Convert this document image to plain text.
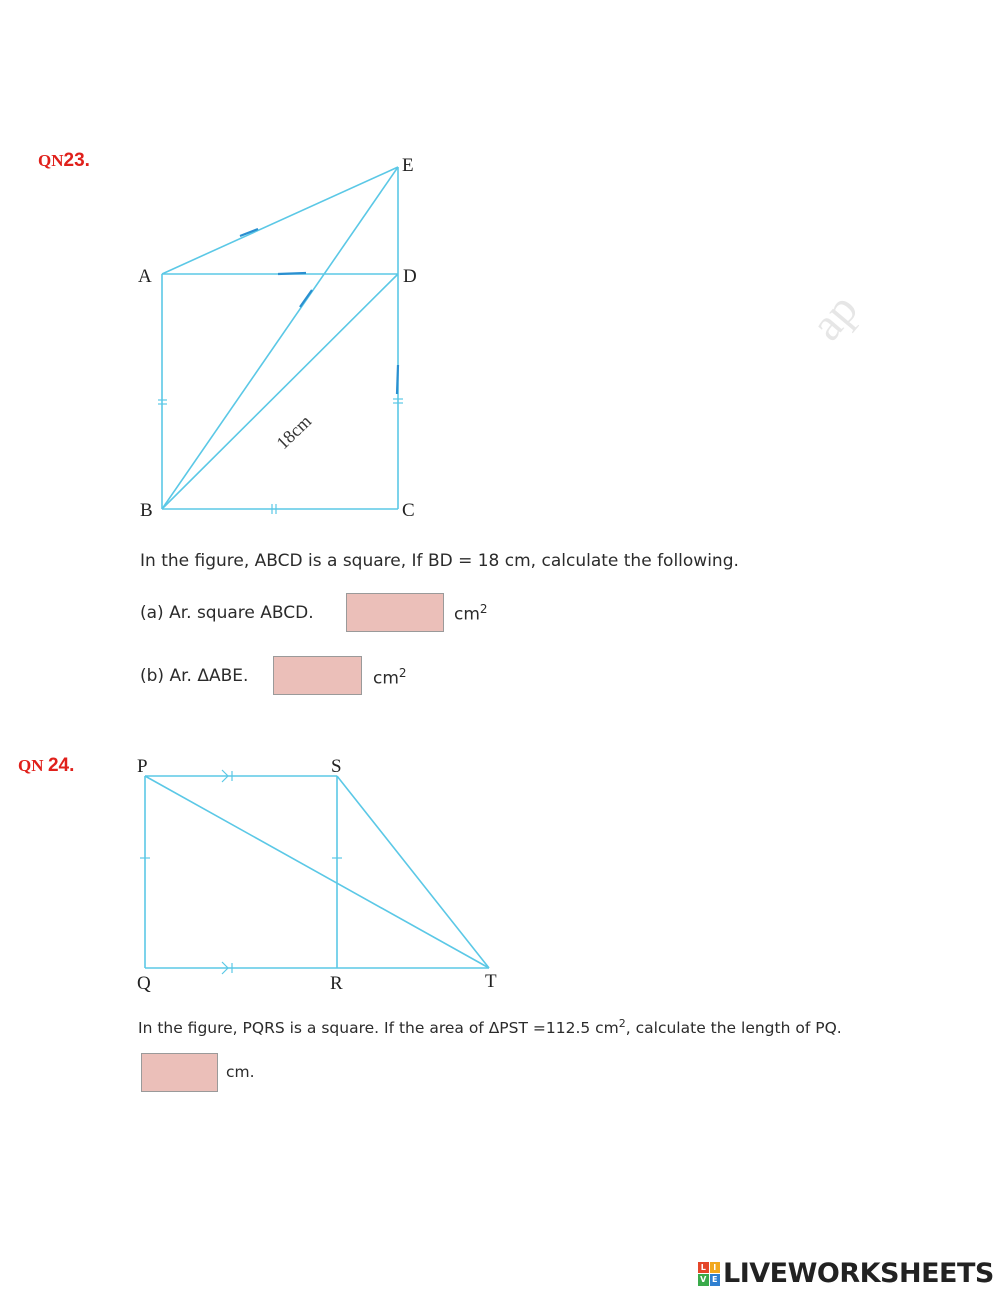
QN23.
18cm
A
B	C
D
E
ap
In the figure, ABCD is a square, If BD = 18 cm, calculate the following.
(a) Ar. square ABCD.	$cm^2$
(b) Ar. ΔABE.	$cm^2$
QN 24.	P	S
Q	R	T
In the figure, PQRS is a square. If the area of ΔPST =112.5 $cm^2$, calculate the length of PQ.
cm.
L I
V E LIVEWORKSHEETS
